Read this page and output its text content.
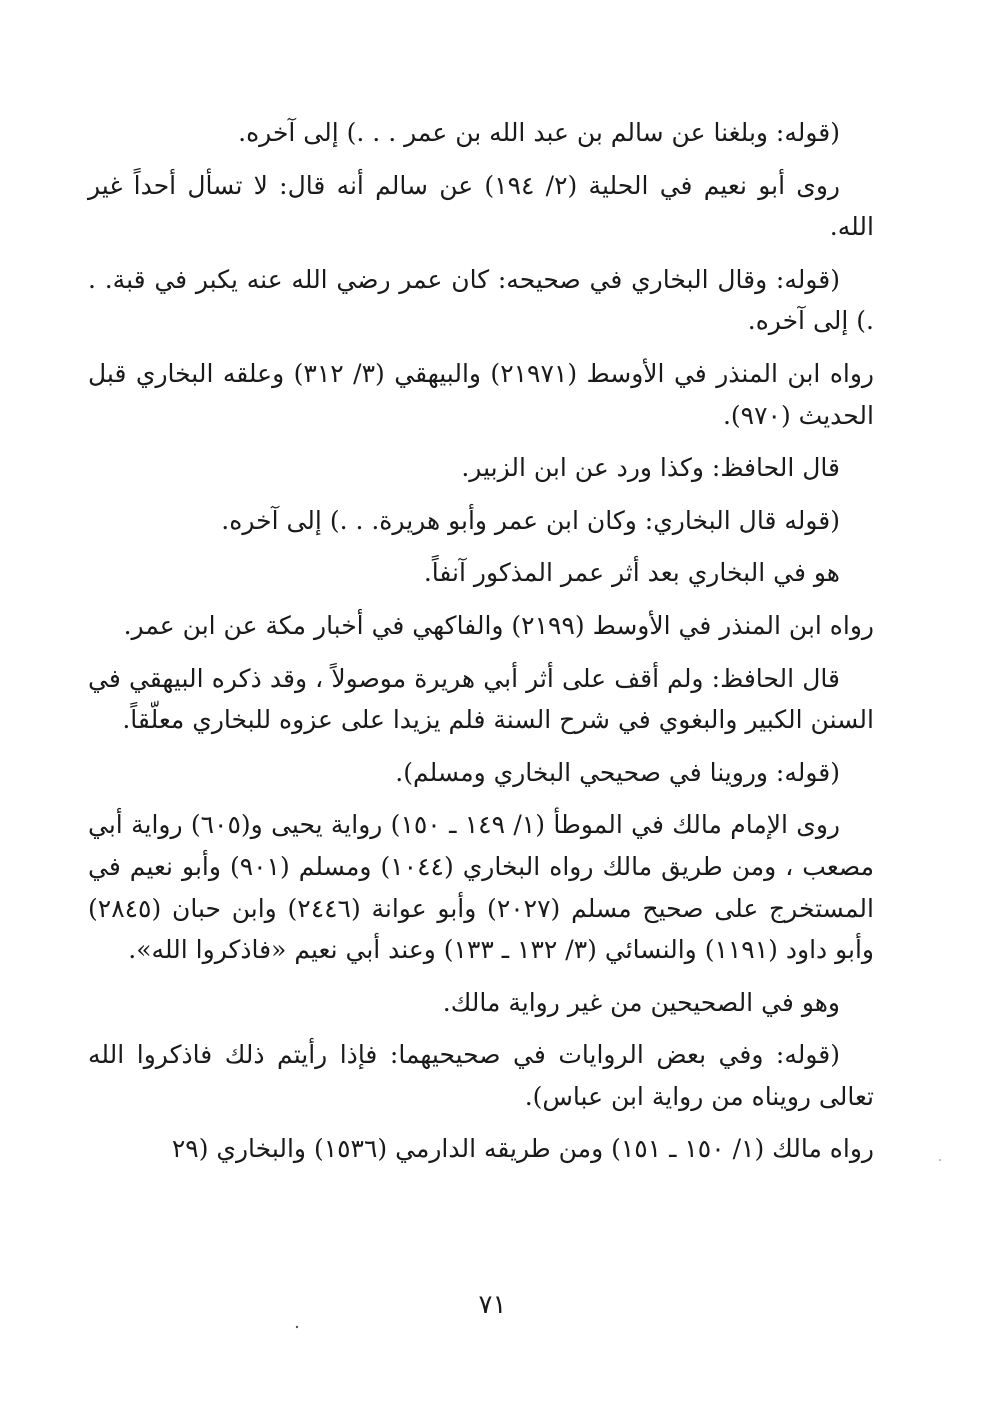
(قوله: وبلغنا عن سالم بن عبد الله بن عمر . . .) إلى آخره.

روى أبو نعيم في الحلية (٢/ ١٩٤) عن سالم أنه قال: لا تسأل أحداً غير الله.

(قوله: وقال البخاري في صحيحه: كان عمر رضي الله عنه يكبر في قبة. . .) إلى آخره.

رواه ابن المنذر في الأوسط (٢١٩٧١) والبيهقي (٣/ ٣١٢) وعلقه البخاري قبل الحديث (٩٧٠).

قال الحافظ: وكذا ورد عن ابن الزبير.

(قوله قال البخاري: وكان ابن عمر وأبو هريرة. . .) إلى آخره.

هو في البخاري بعد أثر عمر المذكور آنفاً.

رواه ابن المنذر في الأوسط (٢١٩٩) والفاكهي في أخبار مكة عن ابن عمر.

قال الحافظ: ولم أقف على أثر أبي هريرة موصولاً ، وقد ذكره البيهقي في السنن الكبير والبغوي في شرح السنة فلم يزيدا على عزوه للبخاري معلّقاً.

(قوله: وروينا في صحيحي البخاري ومسلم).

روى الإمام مالك في الموطأ (١/ ١٤٩ ـ ١٥٠) رواية يحيى و(٦٠٥) رواية أبي مصعب ، ومن طريق مالك رواه البخاري (١٠٤٤) ومسلم (٩٠١) وأبو نعيم في المستخرج على صحيح مسلم (٢٠٢٧) وأبو عوانة (٢٤٤٦) وابن حبان (٢٨٤٥) وأبو داود (١١٩١) والنسائي (٣/ ١٣٢ ـ ١٣٣) وعند أبي نعيم «فاذكروا الله».

وهو في الصحيحين من غير رواية مالك.

(قوله: وفي بعض الروايات في صحيحيهما: فإذا رأيتم ذلك فاذكروا الله تعالى رويناه من رواية ابن عباس).

رواه مالك (١/ ١٥٠ ـ ١٥١) ومن طريقه الدارمي (١٥٣٦) والبخاري (٢٩

٧١
